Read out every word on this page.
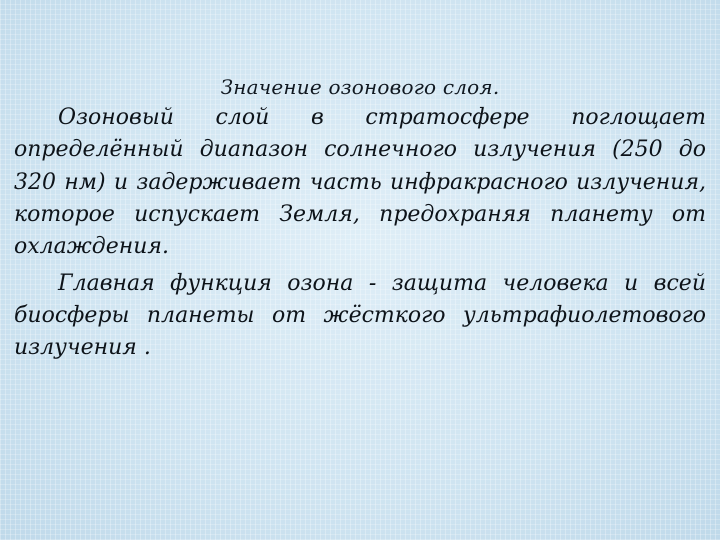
Значение озонового слоя.
Озоновый слой в стратосфере поглощает определённый диапазон солнечного излучения (250 до 320 нм) и задерживает часть инфракрасного излучения, которое испускает Земля, предохраняя планету от охлаждения.
Главная функция озона - защита человека и всей биосферы планеты от жёсткого ультрафиолетового излучения .
